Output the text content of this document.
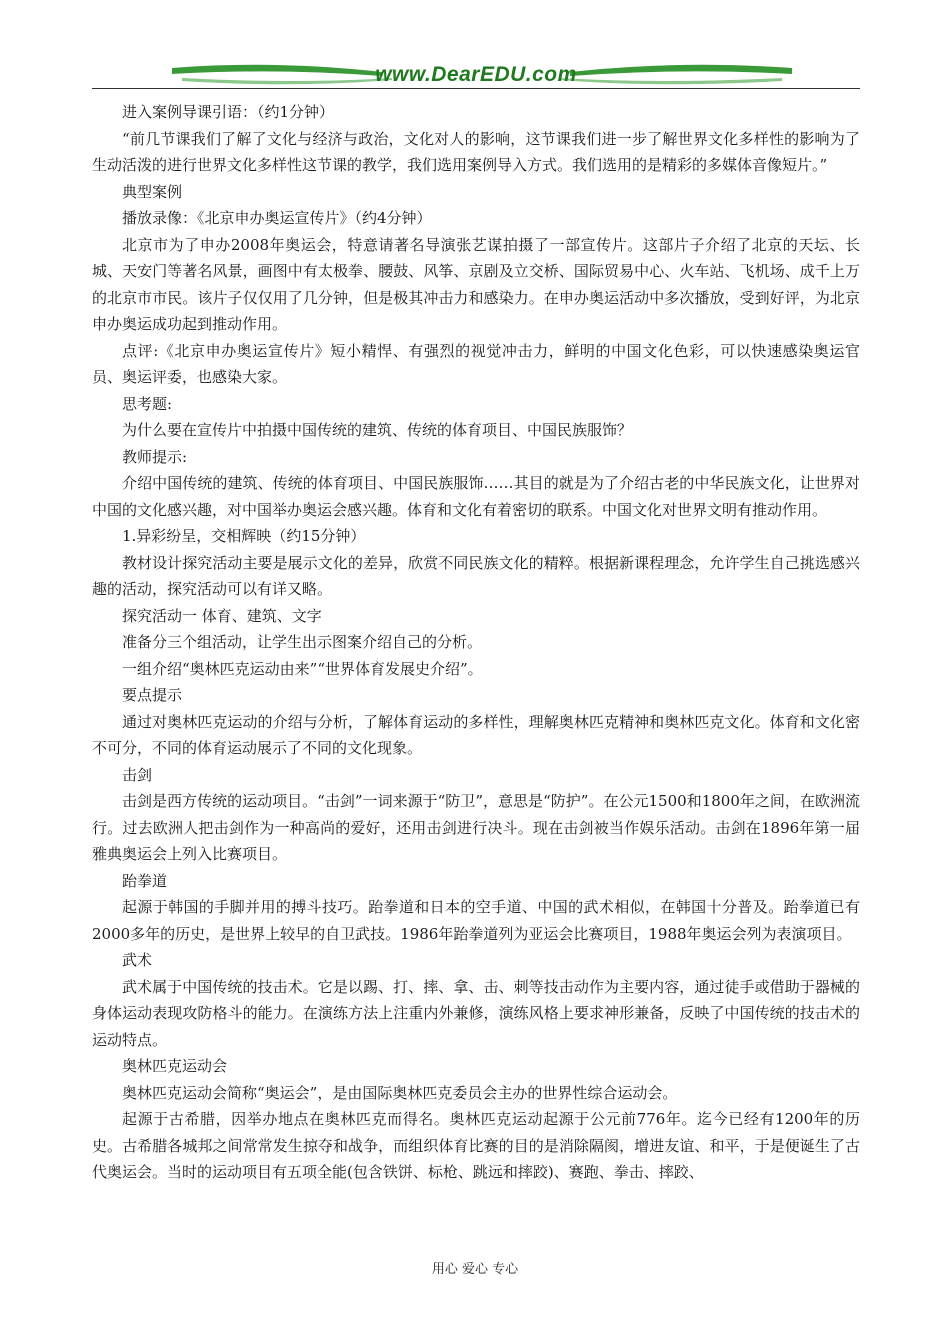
www.DearEDU.com

进入案例导课引语：（约1分钟）

“前几节课我们了解了文化与经济与政治，文化对人的影响，这节课我们进一步了解世界文化多样性的影响为了生动活泼的进行世界文化多样性这节课的教学，我们选用案例导入方式。我们选用的是精彩的多媒体音像短片。”

典型案例

播放录像：《北京申办奥运宣传片》（约4分钟）

北京市为了申办2008年奥运会，特意请著名导演张艺谋拍摄了一部宣传片。这部片子介绍了北京的天坛、长城、天安门等著名风景，画图中有太极拳、腰鼓、风筝、京剧及立交桥、国际贸易中心、火车站、飞机场、成千上万的北京市市民。该片子仅仅用了几分钟，但是极其冲击力和感染力。在申办奥运活动中多次播放，受到好评，为北京申办奥运成功起到推动作用。

点评:《北京申办奥运宣传片》短小精悍、有强烈的视觉冲击力，鲜明的中国文化色彩，可以快速感染奥运官员、奥运评委，也感染大家。

思考题:

为什么要在宣传片中拍摄中国传统的建筑、传统的体育项目、中国民族服饰？

教师提示:

介绍中国传统的建筑、传统的体育项目、中国民族服饰……其目的就是为了介绍古老的中华民族文化，让世界对中国的文化感兴趣，对中国举办奥运会感兴趣。体育和文化有着密切的联系。中国文化对世界文明有推动作用。

1.异彩纷呈，交相辉映（约15分钟）

教材设计探究活动主要是展示文化的差异，欣赏不同民族文化的精粹。根据新课程理念，允许学生自己挑选感兴趣的活动，探究活动可以有详又略。

探究活动一 体育、建筑、文字

准备分三个组活动，让学生出示图案介绍自己的分析。

一组介绍“奥林匹克运动由来”“世界体育发展史介绍”。

要点提示

通过对奥林匹克运动的介绍与分析，了解体育运动的多样性，理解奥林匹克精神和奥林匹克文化。体育和文化密不可分，不同的体育运动展示了不同的文化现象。

击剑

击剑是西方传统的运动项目。“击剑”一词来源于“防卫”，意思是“防护”。在公元1500和1800年之间，在欧洲流行。过去欧洲人把击剑作为一种高尚的爱好，还用击剑进行决斗。现在击剑被当作娱乐活动。击剑在1896年第一届雅典奥运会上列入比赛项目。

跆拳道

起源于韩国的手脚并用的搏斗技巧。跆拳道和日本的空手道、中国的武术相似，在韩国十分普及。跆拳道已有2000多年的历史，是世界上较早的自卫武技。1986年跆拳道列为亚运会比赛项目，1988年奥运会列为表演项目。

武术

武术属于中国传统的技击术。它是以踢、打、摔、拿、击、刺等技击动作为主要内容，通过徒手或借助于器械的身体运动表现攻防格斗的能力。在演练方法上注重内外兼修，演练风格上要求神形兼备，反映了中国传统的技击术的运动特点。

奥林匹克运动会

奥林匹克运动会简称“奥运会”，是由国际奥林匹克委员会主办的世界性综合运动会。

起源于古希腊，因举办地点在奥林匹克而得名。奥林匹克运动起源于公元前776年。迄今已经有1200年的历史。古希腊各城邦之间常常发生掠夺和战争，而组织体育比赛的目的是消除隔阂，增进友谊、和平，于是便诞生了古代奥运会。当时的运动项目有五项全能(包含铁饼、标枪、跳远和摔跤)、赛跑、拳击、摔跤、

用心 爱心 专心
